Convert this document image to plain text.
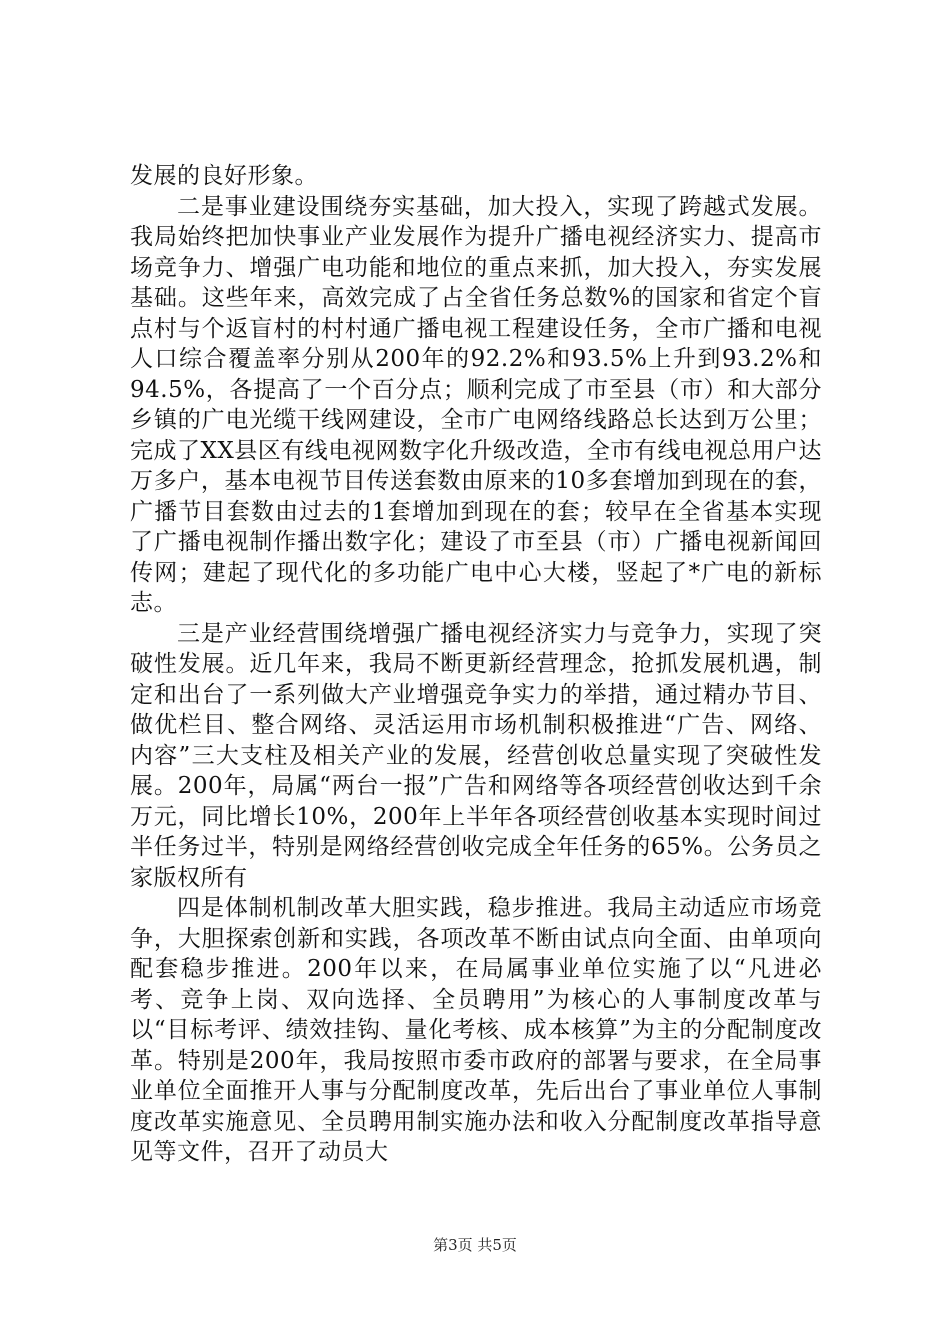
发展的良好形象。

二是事业建设围绕夯实基础，加大投入，实现了跨越式发展。我局始终把加快事业产业发展作为提升广播电视经济实力、提高市场竞争力、增强广电功能和地位的重点来抓，加大投入，夯实发展基础。这些年来，高效完成了占全省任务总数%的国家和省定个盲点村与个返盲村的村村通广播电视工程建设任务，全市广播和电视人口综合覆盖率分别从200年的92.2%和93.5%上升到93.2%和94.5%，各提高了一个百分点；顺利完成了市至县（市）和大部分乡镇的广电光缆干线网建设，全市广电网络线路总长达到万公里；完成了XX县区有线电视网数字化升级改造，全市有线电视总用户达万多户，基本电视节目传送套数由原来的10多套增加到现在的套，广播节目套数由过去的1套增加到现在的套；较早在全省基本实现了广播电视制作播出数字化；建设了市至县（市）广播电视新闻回传网；建起了现代化的多功能广电中心大楼，竖起了*广电的新标志。

三是产业经营围绕增强广播电视经济实力与竞争力，实现了突破性发展。近几年来，我局不断更新经营理念，抢抓发展机遇，制定和出台了一系列做大产业增强竞争实力的举措，通过精办节目、做优栏目、整合网络、灵活运用市场机制积极推进“广告、网络、内容”三大支柱及相关产业的发展，经营创收总量实现了突破性发展。200年，局属“两台一报”广告和网络等各项经营创收达到千余万元，同比增长10%，200年上半年各项经营创收基本实现时间过半任务过半，特别是网络经营创收完成全年任务的65%。公务员之家版权所有

四是体制机制改革大胆实践，稳步推进。我局主动适应市场竞争，大胆探索创新和实践，各项改革不断由试点向全面、由单项向配套稳步推进。200年以来，在局属事业单位实施了以“凡进必考、竞争上岗、双向选择、全员聘用”为核心的人事制度改革与以“目标考评、绩效挂钩、量化考核、成本核算”为主的分配制度改革。特别是200年，我局按照市委市政府的部署与要求，在全局事业单位全面推开人事与分配制度改革，先后出台了事业单位人事制度改革实施意见、全员聘用制实施办法和收入分配制度改革指导意见等文件，召开了动员大

第3页 共5页
